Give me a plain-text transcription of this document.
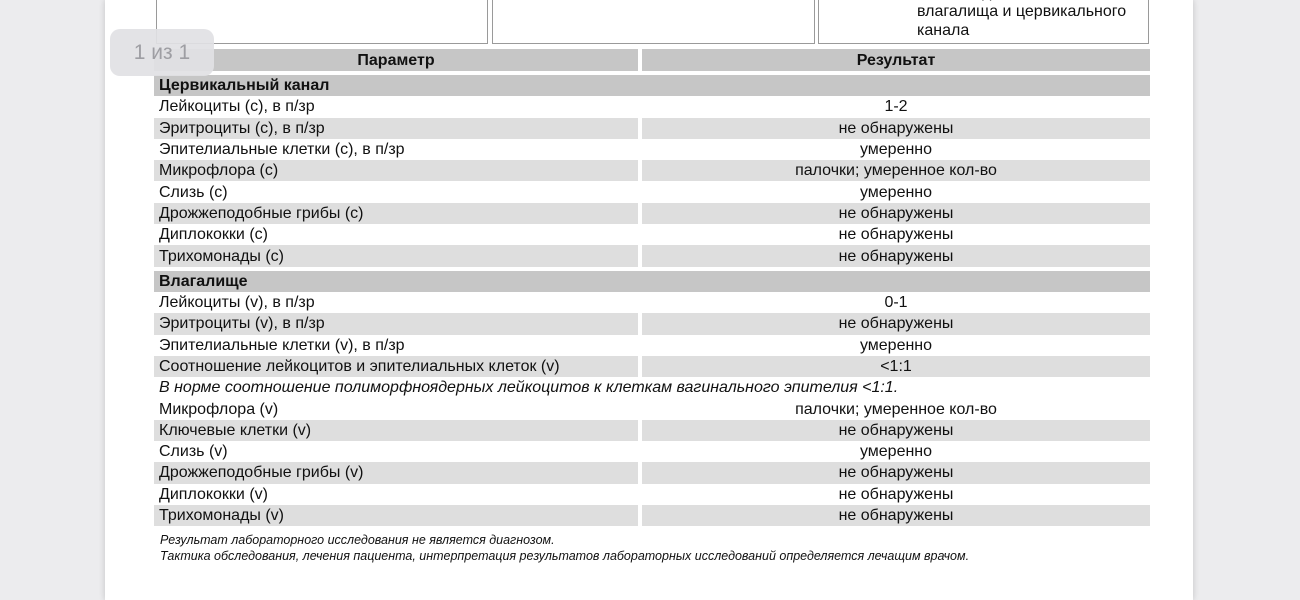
влагалища и цервикального канала
1 из 1	Параметр	Результат

Цервикальный канал	
Лейкоциты (с), в п/зр	1-2
Эритроциты (с), в п/зр	не обнаружены
Эпителиальные клетки (с), в п/зр	умеренно
Микрофлора (с)	палочки; умеренное кол-во
Слизь (с)	умеренно
Дрожжеподобные грибы (с)	не обнаружены
Диплококки (с)	не обнаружены
Трихомонады (с)	не обнаружены

Влагалище	
Лейкоциты (v), в п/зр	0-1
Эритроциты (v), в п/зр	не обнаружены
Эпителиальные клетки (v), в п/зр	умеренно
Соотношение лейкоцитов и эпителиальных клеток (v)	<1:1
В норме соотношение полиморфноядерных лейкоцитов к клеткам вагинального эпителия <1:1.	
Микрофлора (v)	палочки; умеренное кол-во
Ключевые клетки (v)	не обнаружены
Слизь (v)	умеренно
Дрожжеподобные грибы (v)	не обнаружены
Диплококки (v)	не обнаружены
Трихомонады (v)	не обнаружены
Результат лабораторного исследования не является диагнозом.
Тактика обследования, лечения пациента, интерпретация результатов лабораторных исследований определяется лечащим врачом.
